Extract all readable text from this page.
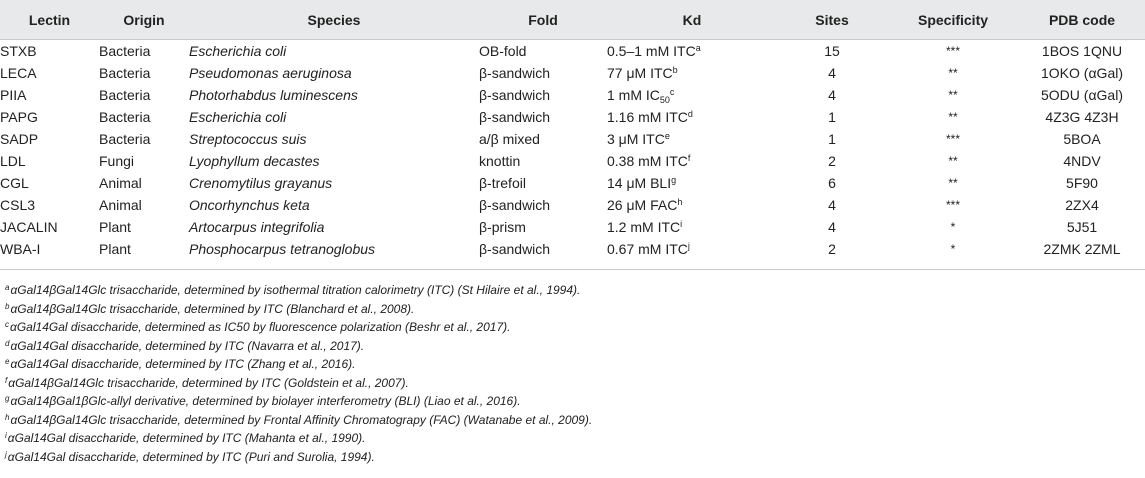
Lectin	Origin	Species	Fold	Kd	Sites	Specificity	PDB code
STXB	Bacteria	Escherichia coli	OB-fold	0.5–1 mM ITC$^a$	15	***	1BOS 1QNU
LECA	Bacteria	Pseudomonas aeruginosa	β-sandwich	77 μM ITC$^b$	4	**	1OKO (αGal)
PIIA	Bacteria	Photorhabdus luminescens	β-sandwich	1 mM $IC_{50}^c$	4	**	5ODU (αGal)
PAPG	Bacteria	Escherichia coli	β-sandwich	1.16 mM ITC$^d$	1	**	4Z3G 4Z3H
SADP	Bacteria	Streptococcus suis	a/β mixed	3 μM ITC$^e$	1	***	5BOA
LDL	Fungi	Lyophyllum decastes	knottin	0.38 mM ITC$^f$	2	**	4NDV
CGL	Animal	Crenomytilus grayanus	β-trefoil	14 μM BLI$^g$	6	**	5F90
CSL3	Animal	Oncorhynchus keta	β-sandwich	26 μM FAC$^h$	4	***	2ZX4
JACALIN	Plant	Artocarpus integrifolia	β-prism	1.2 mM ITC$^i$	4	*	5J51
WBA-I	Plant	Phosphocarpus tetranoglobus	β-sandwich	0.67 mM ITC$^j$	2	*	2ZMK 2ZML
$^a$αGal14βGal14Glc trisaccharide, determined by isothermal titration calorimetry (ITC) (St Hilaire et al., 1994).
$^b$αGal14βGal14Glc trisaccharide, determined by ITC (Blanchard et al., 2008).
$^c$αGal14Gal disaccharide, determined as IC50 by fluorescence polarization (Beshr et al., 2017).
$^d$αGal14Gal disaccharide, determined by ITC (Navarra et al., 2017).
$^e$αGal14Gal disaccharide, determined by ITC (Zhang et al., 2016).
$^f$αGal14βGal14Glc trisaccharide, determined by ITC (Goldstein et al., 2007).
$^g$αGal14βGal1βGlc-allyl derivative, determined by biolayer interferometry (BLI) (Liao et al., 2016).
$^h$αGal14βGal14Glc trisaccharide, determined by Frontal Affinity Chromatograpy (FAC) (Watanabe et al., 2009).
$^i$αGal14Gal disaccharide, determined by ITC (Mahanta et al., 1990).
$^j$αGal14Gal disaccharide, determined by ITC (Puri and Surolia, 1994).
